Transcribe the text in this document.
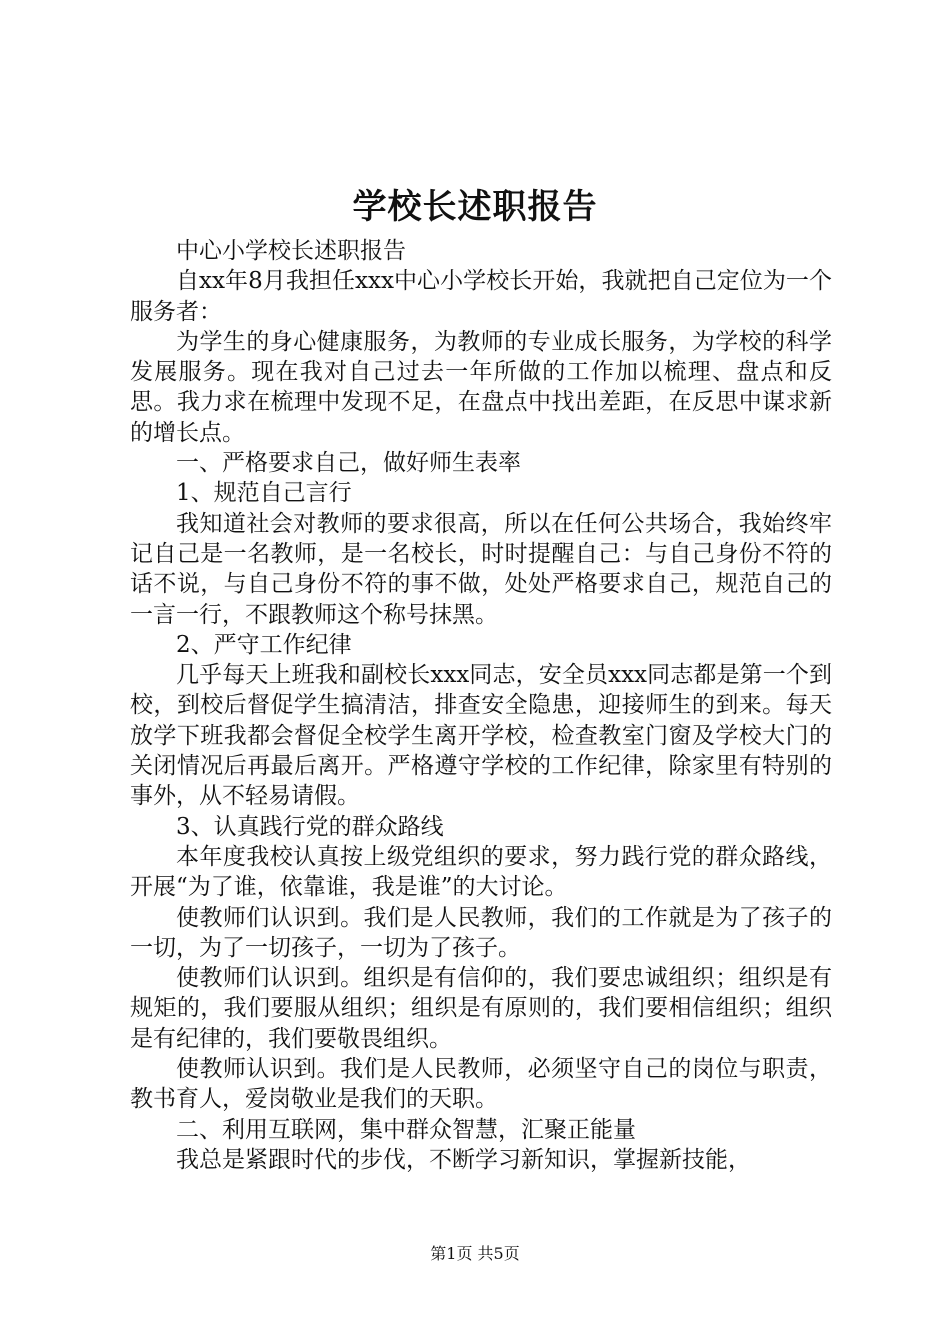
学校长述职报告

中心小学校长述职报告

自xx年8月我担任xxx中心小学校长开始，我就把自己定位为一个服务者：

为学生的身心健康服务，为教师的专业成长服务，为学校的科学发展服务。现在我对自己过去一年所做的工作加以梳理、盘点和反思。我力求在梳理中发现不足，在盘点中找出差距，在反思中谋求新的增长点。

一、严格要求自己，做好师生表率

1、规范自己言行

我知道社会对教师的要求很高，所以在任何公共场合，我始终牢记自己是一名教师，是一名校长，时时提醒自己：与自己身份不符的话不说，与自己身份不符的事不做，处处严格要求自己，规范自己的一言一行，不跟教师这个称号抹黑。

2、严守工作纪律

几乎每天上班我和副校长xxx同志，安全员xxx同志都是第一个到校，到校后督促学生搞清洁，排查安全隐患，迎接师生的到来。每天放学下班我都会督促全校学生离开学校，检查教室门窗及学校大门的关闭情况后再最后离开。严格遵守学校的工作纪律，除家里有特别的事外，从不轻易请假。

3、认真践行党的群众路线

本年度我校认真按上级党组织的要求，努力践行党的群众路线，开展“为了谁，依靠谁，我是谁”的大讨论。

使教师们认识到。我们是人民教师，我们的工作就是为了孩子的一切，为了一切孩子，一切为了孩子。

使教师们认识到。组织是有信仰的，我们要忠诚组织；组织是有规矩的，我们要服从组织；组织是有原则的，我们要相信组织；组织是有纪律的，我们要敬畏组织。

使教师认识到。我们是人民教师，必须坚守自己的岗位与职责，教书育人，爱岗敬业是我们的天职。

二、利用互联网，集中群众智慧，汇聚正能量

我总是紧跟时代的步伐，不断学习新知识，掌握新技能，

第1页 共5页
